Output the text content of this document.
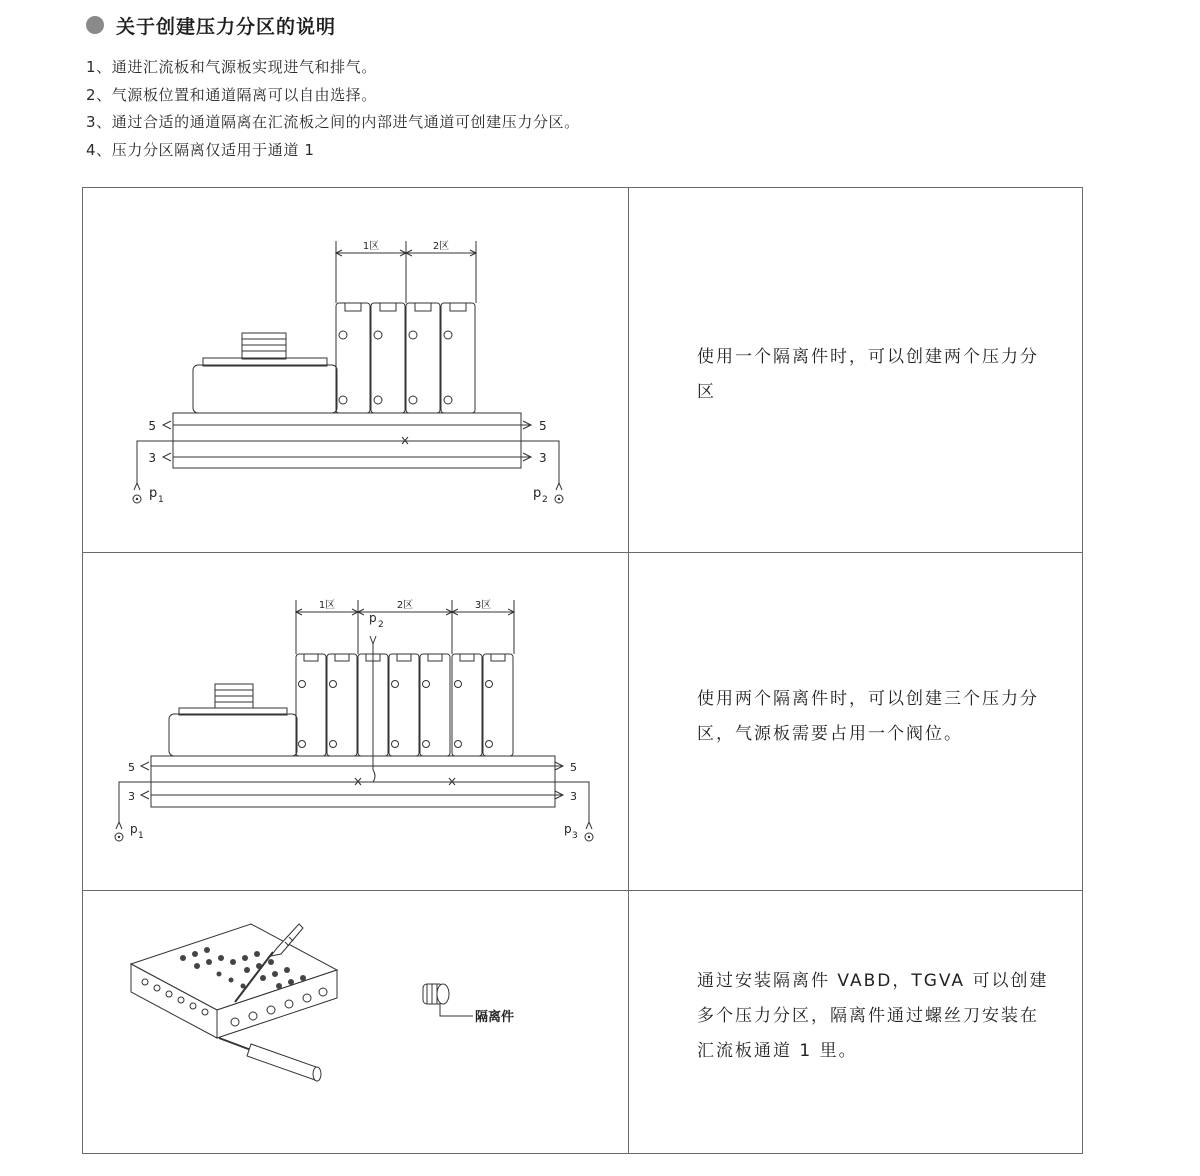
关于创建压力分区的说明
1、通进汇流板和气源板实现进气和排气。
2、气源板位置和通道隔离可以自由选择。
3、通过合适的通道隔离在汇流板之间的内部进气通道可创建压力分区。
4、压力分区隔离仅适用于通道 1
使用一个隔离件时，可以创建两个压力分区
使用两个隔离件时，可以创建三个压力分区，气源板需要占用一个阀位。
通过安装隔离件 VABD，TGVA 可以创建多个压力分区，隔离件通过螺丝刀安装在汇流板通道 1 里。
1区	2区
5	5
3	3
p 1	p 2
1区	2区	3区
p 2
5	5
3	3
p 1	p 3
隔离件
